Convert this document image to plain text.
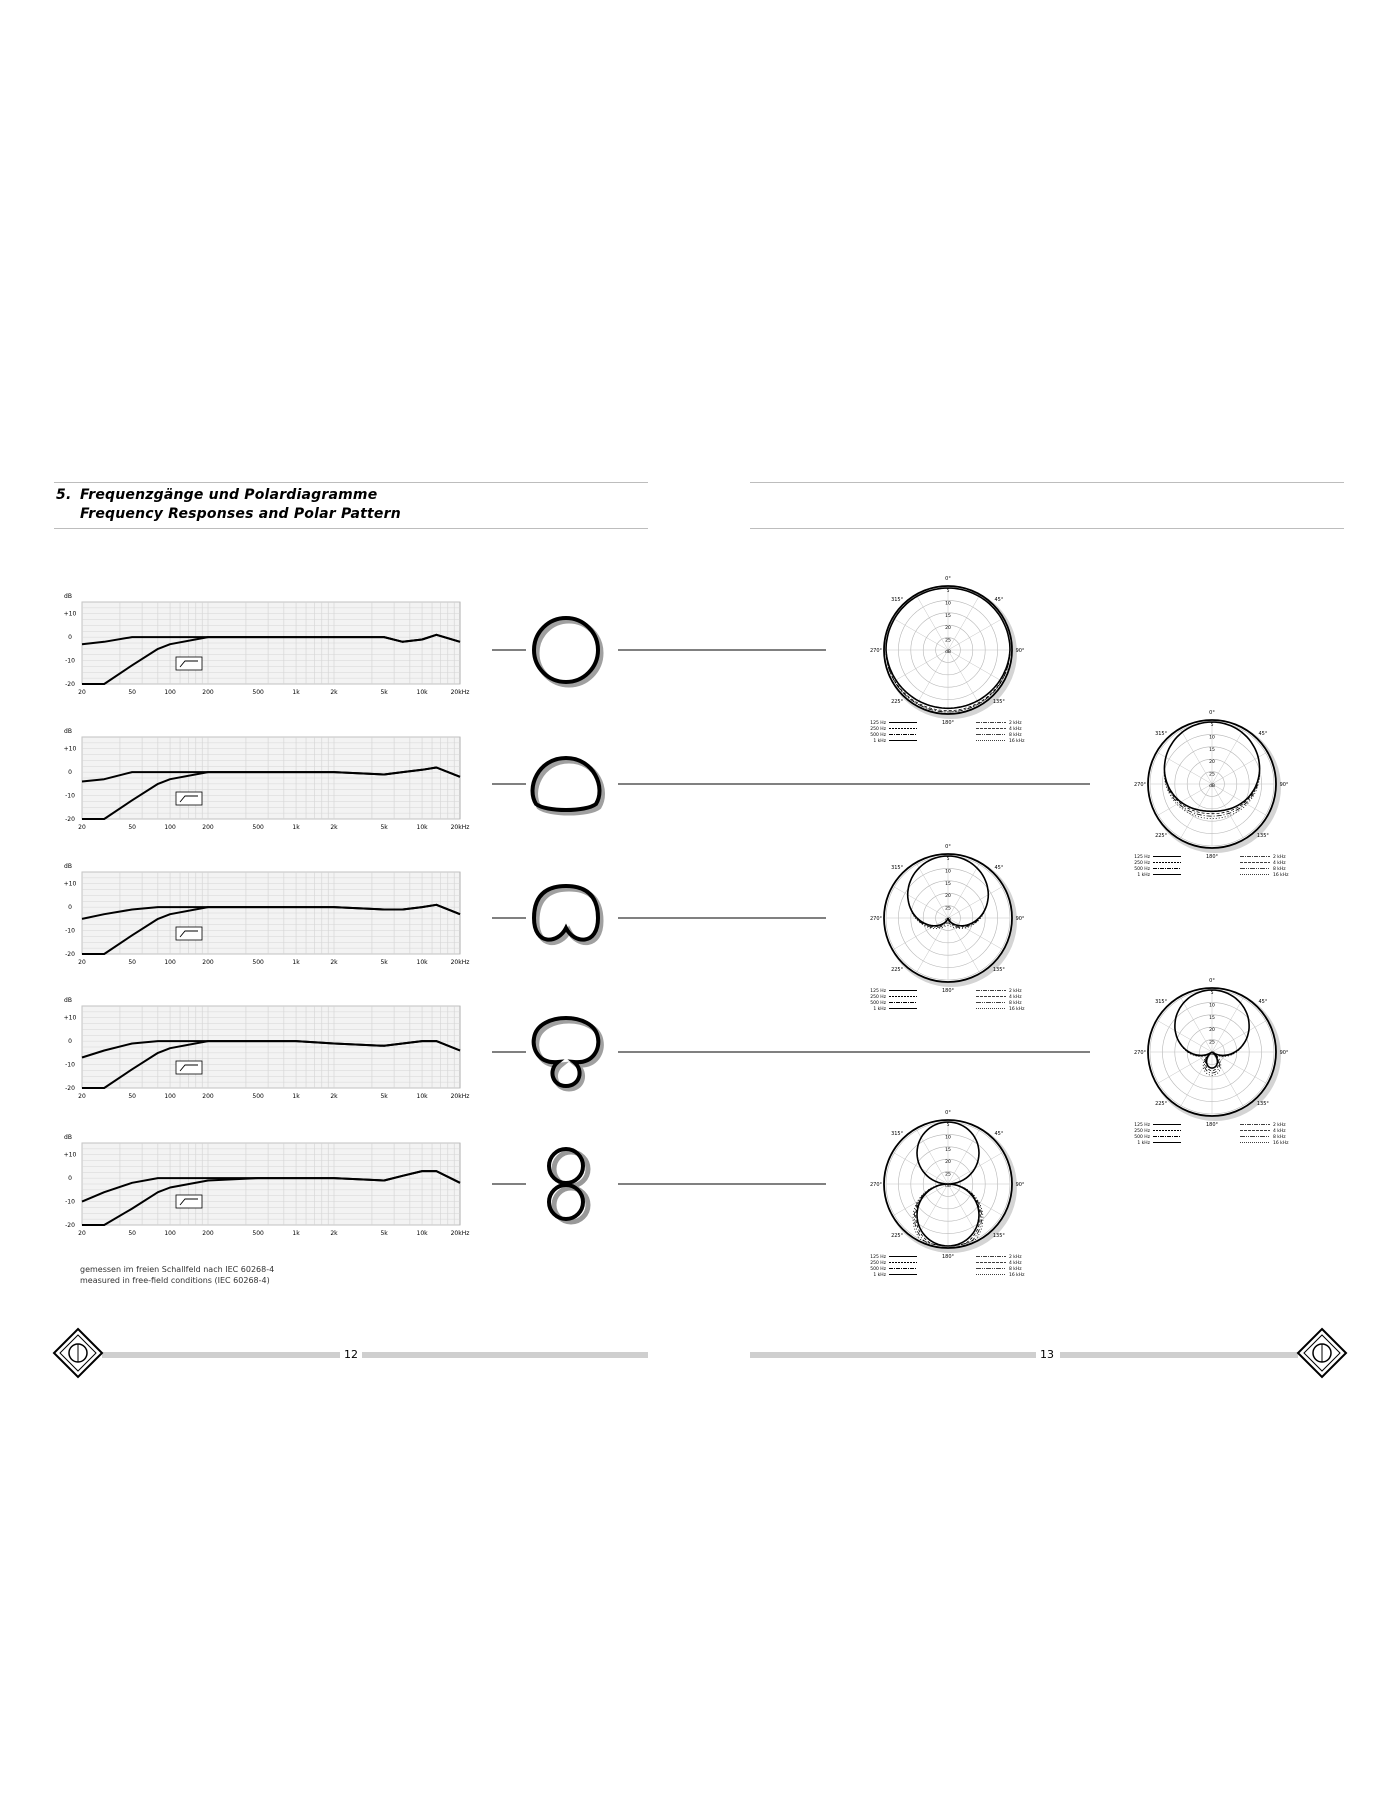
5. Frequenzgänge und Polardiagramme
Frequency Responses and Polar Pattern
gemessen im freien Schallfeld nach IEC 60268-4
measured in free-field conditions (IEC 60268-4)
12	13
dB
+10
0
-10
-20
20	50	100	200	500	1k	2k	5k	10k	20kHz
dB
+10
0
-10
-20
20	50	100	200	500	1k	2k	5k	10k	20kHz
dB
+10
0
-10
-20
20	50	100	200	500	1k	2k	5k	10k	20kHz
dB
+10
0
-10
-20
20	50	100	200	500	1k	2k	5k	10k	20kHz
dB
+10
0
-10
-20
20	50	100	200	500	1k	2k	5k	10k	20kHz
5
10
15
20
25
dB
0°
45°
90°
135°
180°
225°
270°
315°
125 Hz
250 Hz
500 Hz
1 kHz
2 kHz
4 kHz
8 kHz
16 kHz
5
10
15
20
25
dB
0°
45°
90°
135°
180°
225°
270°
315°
125 Hz
250 Hz
500 Hz
1 kHz
2 kHz
4 kHz
8 kHz
16 kHz
5
10
15
20
25
dB
0°
45°
90°
135°
180°
225°
270°
315°
125 Hz
250 Hz
500 Hz
1 kHz
2 kHz
4 kHz
8 kHz
16 kHz
5
10
15
20
25
dB
0°
45°
90°
135°
180°
225°
270°
315°
125 Hz
250 Hz
500 Hz
1 kHz
2 kHz
4 kHz
8 kHz
16 kHz
5
10
15
20
25
dB
0°
45°
90°
135°
180°
225°
270°
315°
125 Hz
250 Hz
500 Hz
1 kHz
2 kHz
4 kHz
8 kHz
16 kHz
